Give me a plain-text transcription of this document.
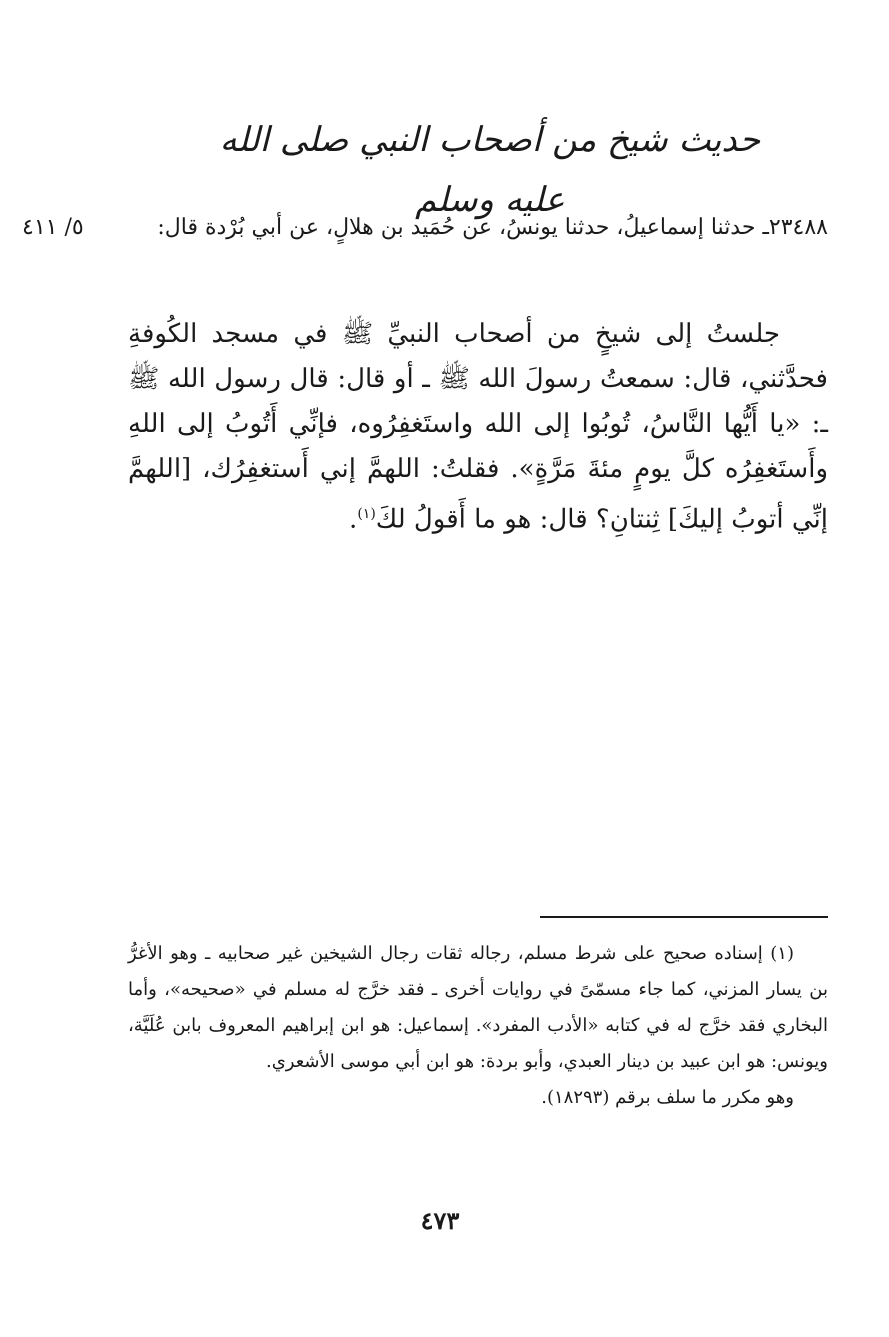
حديث شيخ من أصحاب النبي صلى الله عليه وسلم
٥/ ٤١١	٢٣٤٨٨ـ حدثنا إسماعيلُ، حدثنا يونسُ، عن حُمَيد بن هلالٍ، عن أبي بُرْدة قال:

جلستُ إلى شيخٍ من أصحاب النبيِّ ﷺ في مسجد الكُوفةِ فحدَّثني، قال: سمعتُ رسولَ الله ﷺ ـ أو قال: قال رسول الله ﷺ ـ: «يا أَيُّها النَّاسُ، تُوبُوا إلى الله واستَغفِرُوه، فإنِّي أَتُوبُ إلى اللهِ وأَستَغفِرُه كلَّ يومٍ مئةَ مَرَّةٍ». فقلتُ: اللهمَّ إني أَستغفِرُك، [اللهمَّ إنِّي أتوبُ إليكَ] ثِنتانِ؟ قال: هو ما أَقولُ لكَ$^{(١)}$.

(١) إسناده صحيح على شرط مسلم، رجاله ثقات رجال الشيخين غير صحابيه ـ وهو الأغرُّ بن يسار المزني، كما جاء مسمّىً في روايات أخرى ـ فقد خرَّج له مسلم في «صحيحه»، وأما البخاري فقد خرَّج له في كتابه «الأدب المفرد». إسماعيل: هو ابن إبراهيم المعروف بابن عُلَيَّة، ويونس: هو ابن عبيد بن دينار العبدي، وأبو بردة: هو ابن أبي موسى الأشعري.

وهو مكرر ما سلف برقم (١٨٢٩٣).

٤٧٣
